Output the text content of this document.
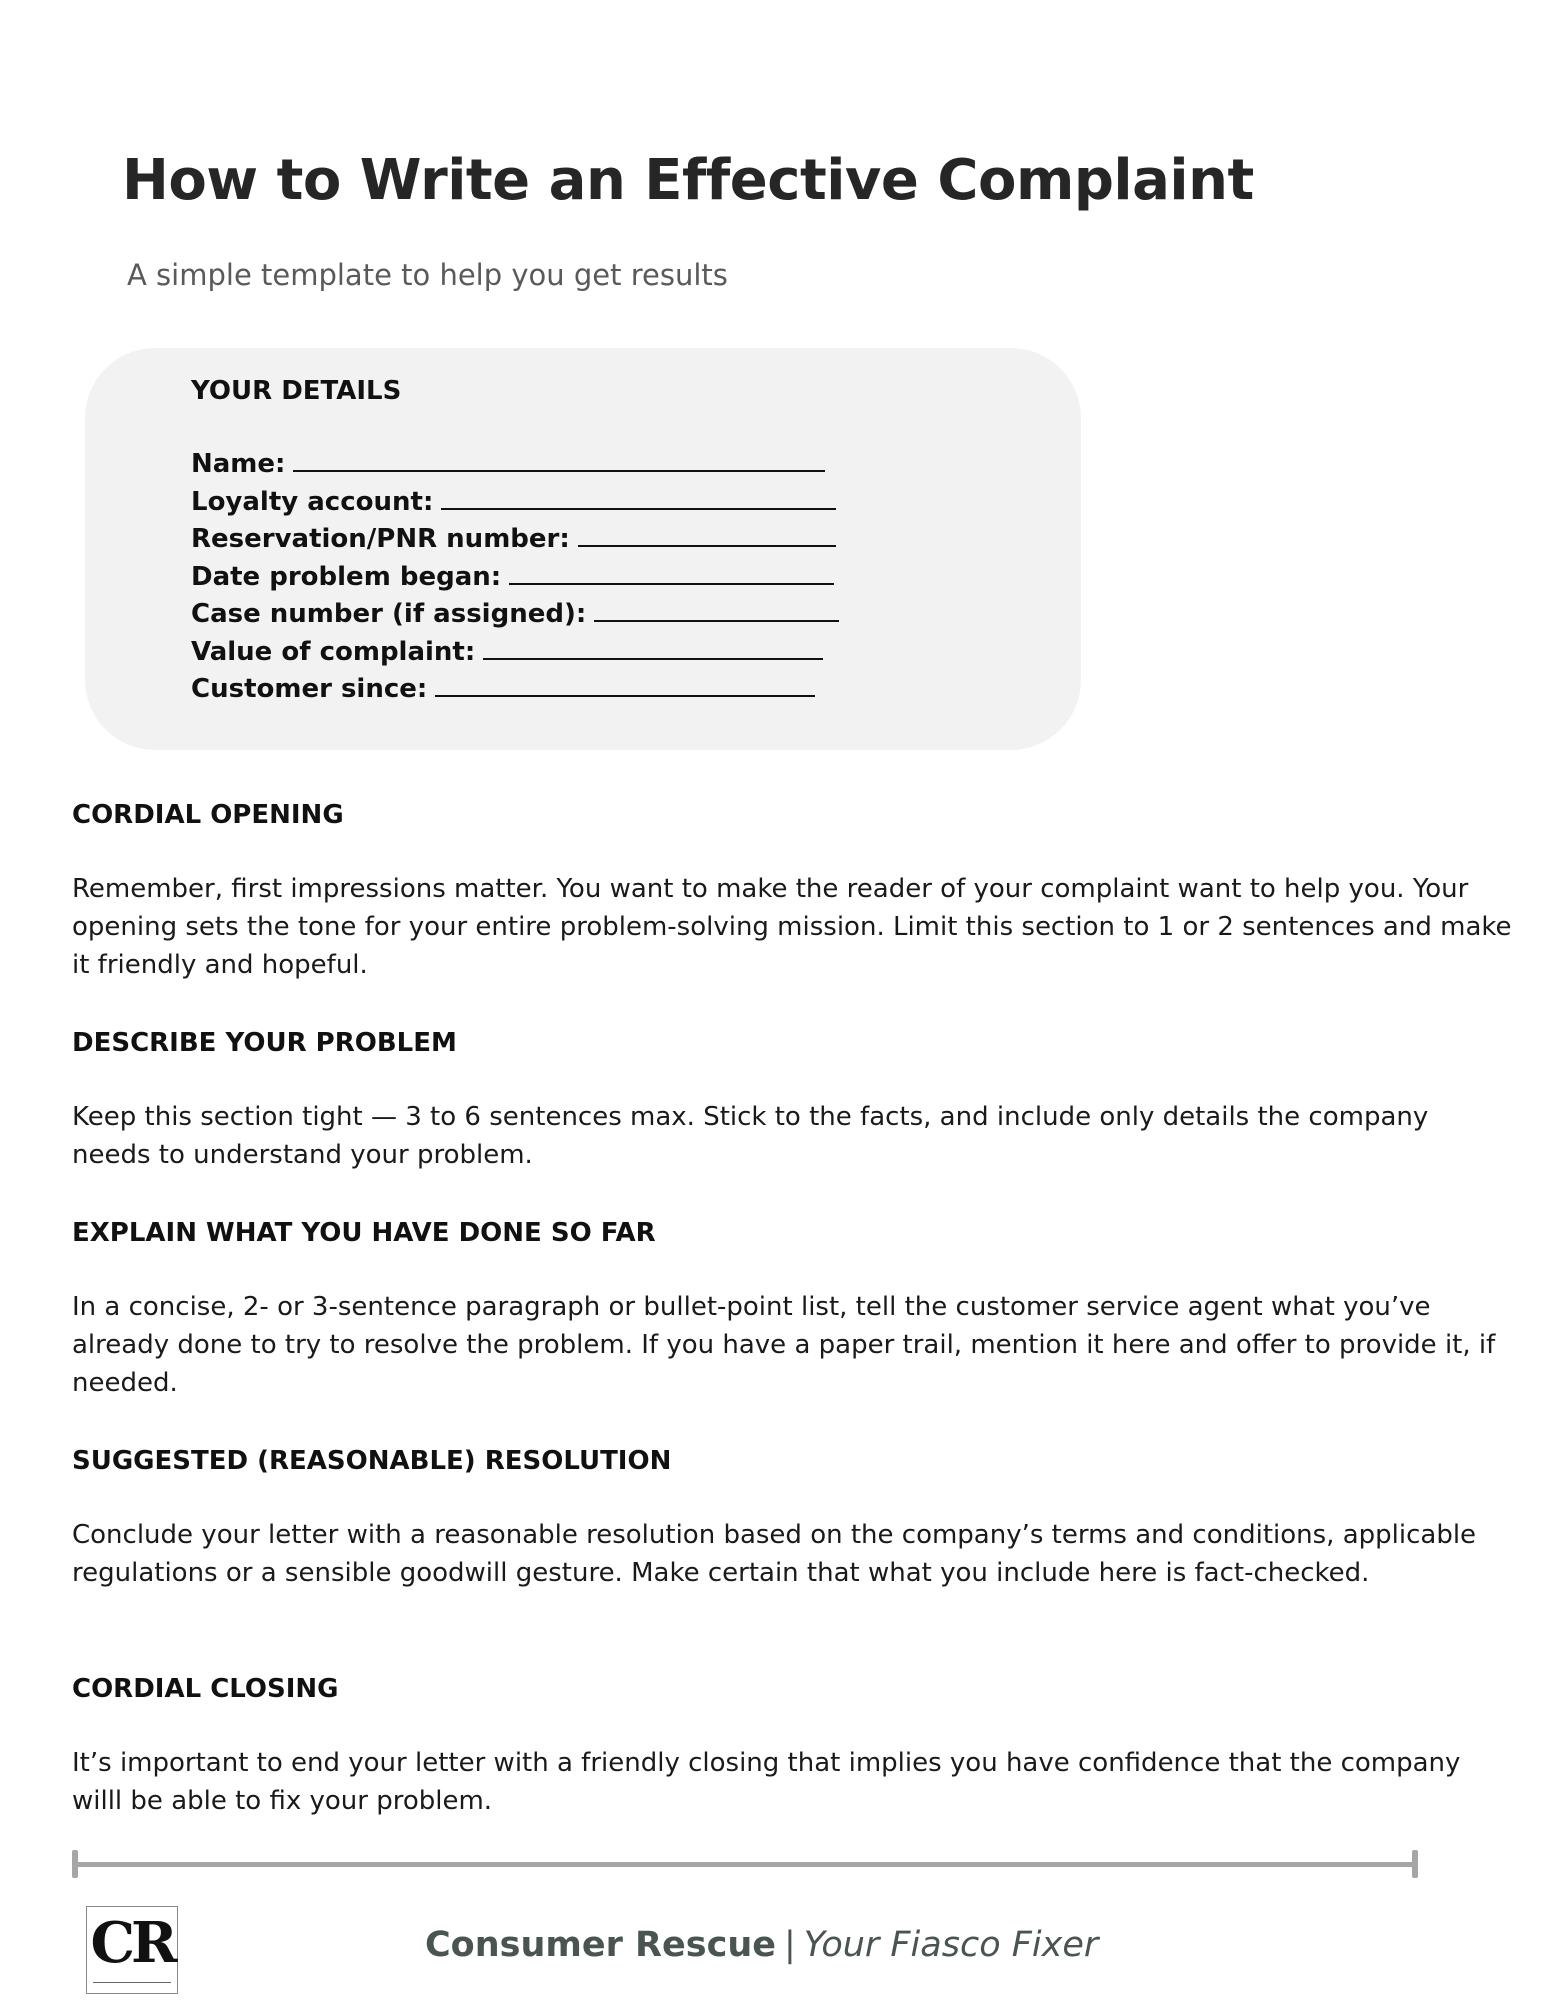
How to Write an Effective Complaint

A simple template to help you get results

YOUR DETAILS

Name:
Loyalty account:
Reservation/PNR number:
Date problem began:
Case number (if assigned):
Value of complaint:
Customer since:

CORDIAL OPENING

Remember, first impressions matter. You want to make the reader of your complaint want to help you. Your opening sets the tone for your entire problem-solving mission. Limit this section to 1 or 2 sentences and make it friendly and hopeful.

DESCRIBE YOUR PROBLEM

Keep this section tight — 3 to 6 sentences max. Stick to the facts, and include only details the company needs to understand your problem.

EXPLAIN WHAT YOU HAVE DONE SO FAR

In a concise, 2- or 3-sentence paragraph or bullet-point list, tell the customer service agent what you’ve already done to try to resolve the problem. If you have a paper trail, mention it here and offer to provide it, if needed.

SUGGESTED (REASONABLE) RESOLUTION

Conclude your letter with a reasonable resolution based on the company’s terms and conditions, applicable regulations or a sensible goodwill gesture. Make certain that what you include here is fact-checked.

CORDIAL CLOSING

It’s important to end your letter with a friendly closing that implies you have confidence that the company willl be able to fix your problem.

CR	Consumer Rescue | Your Fiasco Fixer
